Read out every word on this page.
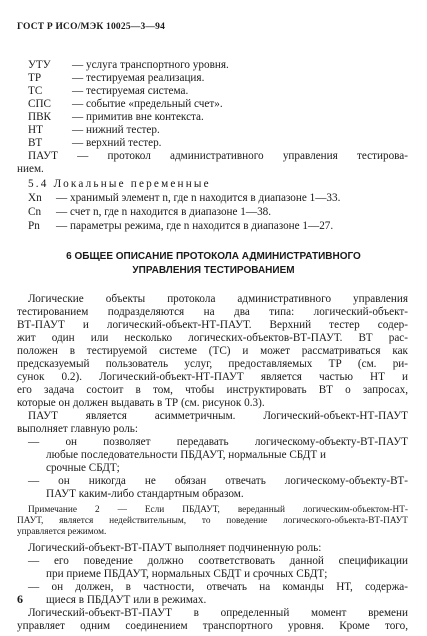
ГОСТ Р ИСО/МЭК 10025—3—94
УТУ — услуга транспортного уровня.
ТР	— тестируемая реализация.
ТС	— тестируемая система.
СПС — событие «предельный счет».
ПВК — примитив вне контекста.
НТ	— нижний тестер.
ВТ	— верхний тестер.
ПАУТ — протокол административного управления тестирова-
нием.
5.4 Локальные переменные
Xn — хранимый элемент n, где n находится в диапазоне 1—33.
Cn — счет n, где n находится в диапазоне 1—38.
Pn — параметры режима, где n находится в диапазоне 1—27.
6 ОБЩЕЕ ОПИСАНИЕ ПРОТОКОЛА АДМИНИСТРАТИВНОГО
УПРАВЛЕНИЯ ТЕСТИРОВАНИЕМ
Логические объекты протокола административного управления
тестированием подразделяются на два типа: логический-объект-
ВТ-ПАУТ и логический-объект-НТ-ПАУТ. Верхний тестер содер-
жит один или несколько логических-объектов-ВТ-ПАУТ. ВТ рас-
положен в тестируемой системе (ТС) и может рассматриваться как
предсказуемый пользователь услуг, предоставляемых ТР (см. ри-
сунок 0.2). Логический-объект-НТ-ПАУТ является частью НТ и
его задача состоит в том, чтобы инструктировать ВТ о запросах,
которые он должен выдавать в ТР (см. рисунок 0.3).
ПАУТ является асимметричным. Логический-объект-НТ-ПАУТ
выполняет главную роль:
— он позволяет передавать логическому-объекту-ВТ-ПАУТ
любые последовательности ПБДАУТ, нормальные СБДТ и
срочные СБДТ;
— он никогда не обязан отвечать логическому-объекту-ВТ-
ПАУТ каким-либо стандартным образом.
Примечание 2 — Если ПБДАУТ, вереданный логическим-объектом-НТ-
ПАУТ, является недействительным, то поведение логического-объекта-ВТ-ПАУТ
управляется режимом.
Логический-объект-ВТ-ПАУТ выполняет подчиненную роль:
— его поведение должно соответствовать данной спецификации
при приеме ПБДАУТ, нормальных СБДТ и срочных СБДТ;
— он должен, в частности, отвечать на команды НТ, содержа-
щиеся в ПБДАУТ или в режимах.
Логический-объект-ВТ-ПАУТ в определенный момент времени
управляет одним соединением транспортного уровня. Кроме того,
6
